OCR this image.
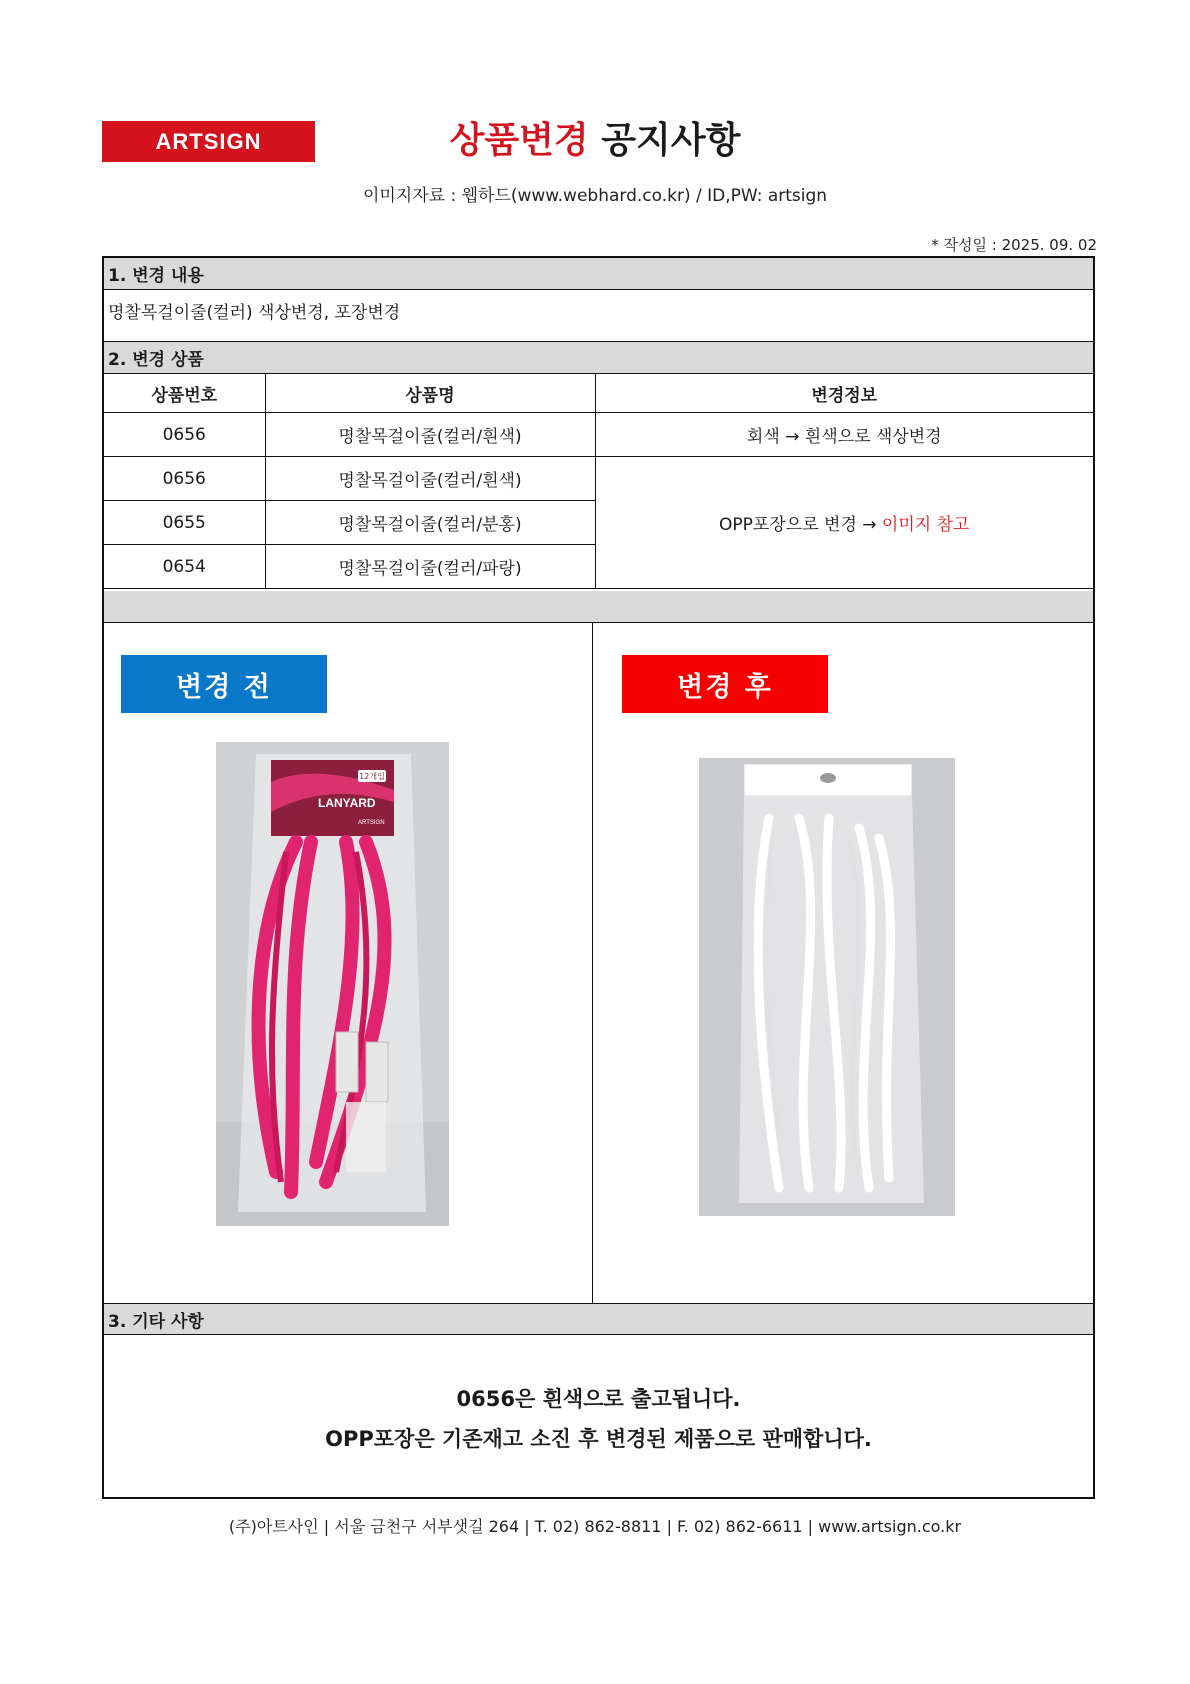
ARTSIGN	상품변경 공지사항
이미지자료 : 웹하드(www.webhard.co.kr) / ID,PW: artsign
* 작성일 : 2025. 09. 02
1. 변경 내용
명찰목걸이줄(컬러) 색상변경, 포장변경
2. 변경 상품
상품번호	상품명	변경정보
0656	명찰목걸이줄(컬러/흰색)	회색 → 흰색으로 색상변경
0656	명찰목걸이줄(컬러/흰색)	OPP포장으로 변경 → 이미지 참고
0655	명찰목걸이줄(컬러/분홍)	
0654	명찰목걸이줄(컬러/파랑)	
변경 전	변경 후
12개입
LANYARD
ARTSIGN
3. 기타 사항
0656은 흰색으로 출고됩니다.
OPP포장은 기존재고 소진 후 변경된 제품으로 판매합니다.
(주)아트사인 | 서울 금천구 서부샛길 264 | T. 02) 862-8811 | F. 02) 862-6611 | www.artsign.co.kr
